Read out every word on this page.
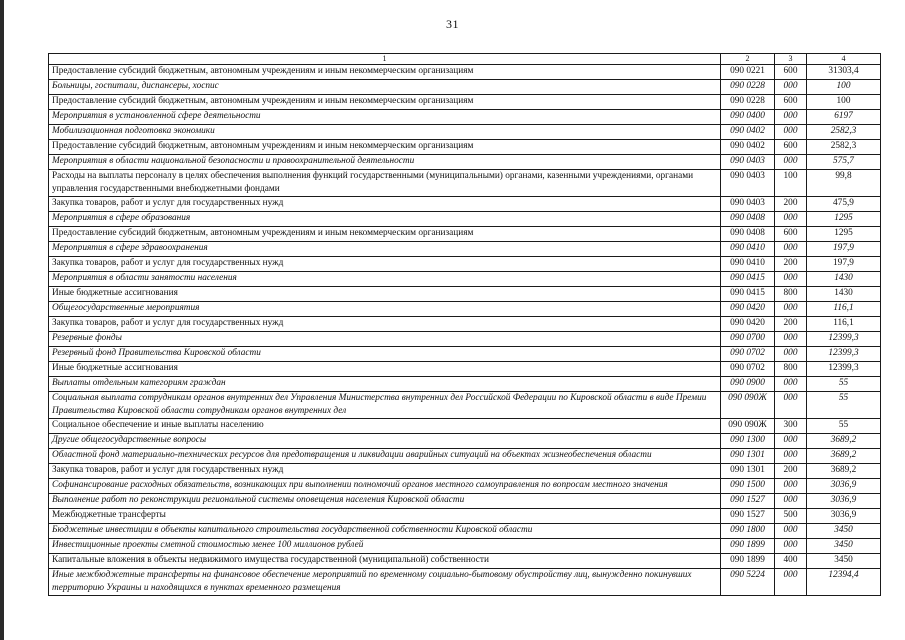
31
1	2	3	4
Предоставление субсидий бюджетным, автономным учреждениям и иным некоммерческим организациям	090 0221	600	31303,4
Больницы, госпитали, диспансеры, хоспис	090 0228	000	100
Предоставление субсидий бюджетным, автономным учреждениям и иным некоммерческим организациям	090 0228	600	100
Мероприятия в установленной сфере деятельности	090 0400	000	6197
Мобилизационная подготовка экономики	090 0402	000	2582,3
Предоставление субсидий бюджетным, автономным учреждениям и иным некоммерческим организациям	090 0402	600	2582,3
Мероприятия в области национальной безопасности и правоохранительной деятельности	090 0403	000	575,7
Расходы на выплаты персоналу в целях обеспечения выполнения функций государственными (муниципальными) органами, казенными учреждениями, органами управления государственными внебюджетными фондами	090 0403	100	99,8
Закупка товаров, работ и услуг для государственных нужд	090 0403	200	475,9
Мероприятия в сфере образования	090 0408	000	1295
Предоставление субсидий бюджетным, автономным учреждениям и иным некоммерческим организациям	090 0408	600	1295
Мероприятия в сфере здравоохранения	090 0410	000	197,9
Закупка товаров, работ и услуг для государственных нужд	090 0410	200	197,9
Мероприятия в области занятости населения	090 0415	000	1430
Иные бюджетные ассигнования	090 0415	800	1430
Общегосударственные мероприятия	090 0420	000	116,1
Закупка товаров, работ и услуг для государственных нужд	090 0420	200	116,1
Резервные фонды	090 0700	000	12399,3
Резервный фонд Правительства Кировской области	090 0702	000	12399,3
Иные бюджетные ассигнования	090 0702	800	12399,3
Выплаты отдельным категориям граждан	090 0900	000	55
Социальная выплата сотрудникам органов внутренних дел Управления Министерства внутренних дел Российской Федерации по Кировской области в виде Премии Правительства Кировской области сотрудникам органов внутренних дел	090 090Ж	000	55
Социальное обеспечение и иные выплаты населению	090 090Ж	300	55
Другие общегосударственные вопросы	090 1300	000	3689,2
Областной фонд материально-технических ресурсов для предотвращения и ликвидации аварийных ситуаций на объектах жизнеобеспечения области	090 1301	000	3689,2
Закупка товаров, работ и услуг для государственных нужд	090 1301	200	3689,2
Софинансирование расходных обязательств, возникающих при выполнении полномочий органов местного самоуправления по вопросам местного значения	090 1500	000	3036,9
Выполнение работ по реконструкции региональной системы оповещения населения Кировской области	090 1527	000	3036,9
Межбюджетные трансферты	090 1527	500	3036,9
Бюджетные инвестиции в объекты капитального строительства государственной собственности Кировской области	090 1800	000	3450
Инвестиционные проекты сметной стоимостью менее 100 миллионов рублей	090 1899	000	3450
Капитальные вложения в объекты недвижимого имущества государственной (муниципальной) собственности	090 1899	400	3450
Иные межбюджетные трансферты на финансовое обеспечение мероприятий по временному социально-бытовому обустройству лиц, вынужденно покинувших территорию Украины и находящихся в пунктах временного размещения	090 5224	000	12394,4
